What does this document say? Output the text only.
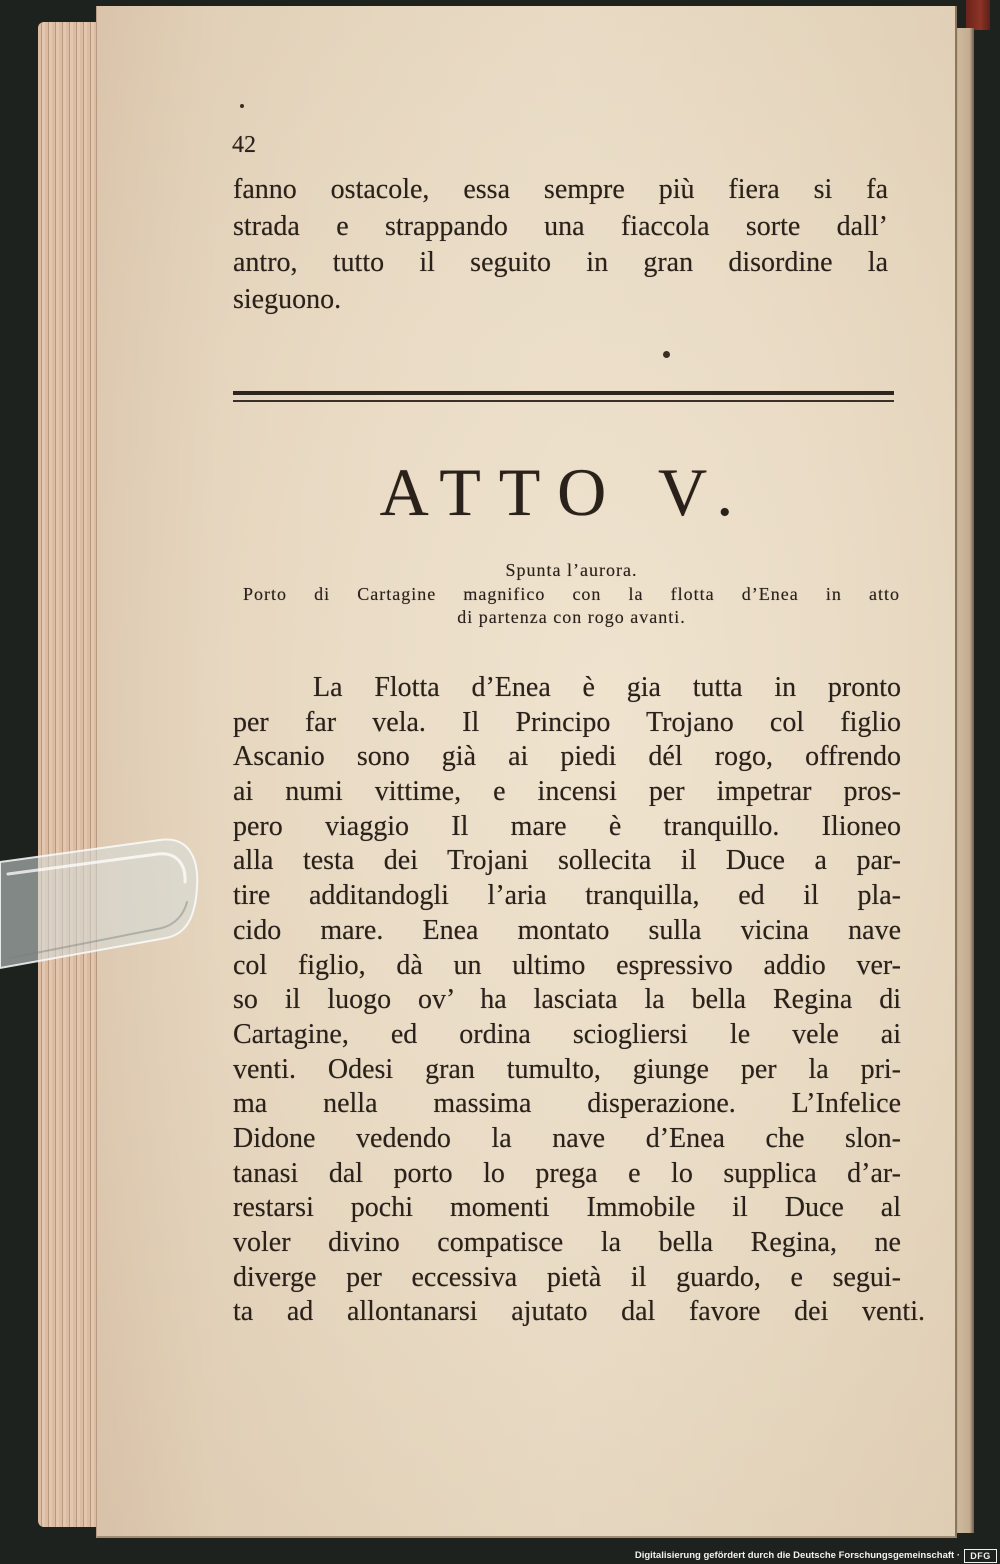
42
fanno ostacole, essa sempre più fiera si fa
strada e strappando una fiaccola sorte dall’
antro, tutto il seguito in gran disordine la
sieguono.
ATTO V.
Spunta l’aurora.
Porto di Cartagine magnifico con la flotta d’Enea in atto
di partenza con rogo avanti.
La Flotta d’Enea è gia tutta in pronto
per far vela. Il Principo Trojano col figlio
Ascanio sono già ai piedi dél rogo, offrendo
ai numi vittime, e incensi per impetrar pros-
pero viaggio Il mare è tranquillo. Ilioneo
alla testa dei Trojani sollecita il Duce a par-
tire additandogli l’aria tranquilla, ed il pla-
cido mare. Enea montato sulla vicina nave
col figlio, dà un ultimo espressivo addio ver-
so il luogo ov’ ha lasciata la bella Regina di
Cartagine, ed ordina sciogliersi le vele ai
venti. Odesi gran tumulto, giunge per la pri-
ma nella massima disperazione. L’Infelice
Didone vedendo la nave d’Enea che slon-
tanasi dal porto lo prega e lo supplica d’ar-
restarsi pochi momenti Immobile il Duce al
voler divino compatisce la bella Regina, ne
diverge per eccessiva pietà il guardo, e segui-
ta ad allontanarsi ajutato dal favore dei venti.
Digitalisierung gefördert durch die Deutsche Forschungsgemeinschaft ·	DFG
